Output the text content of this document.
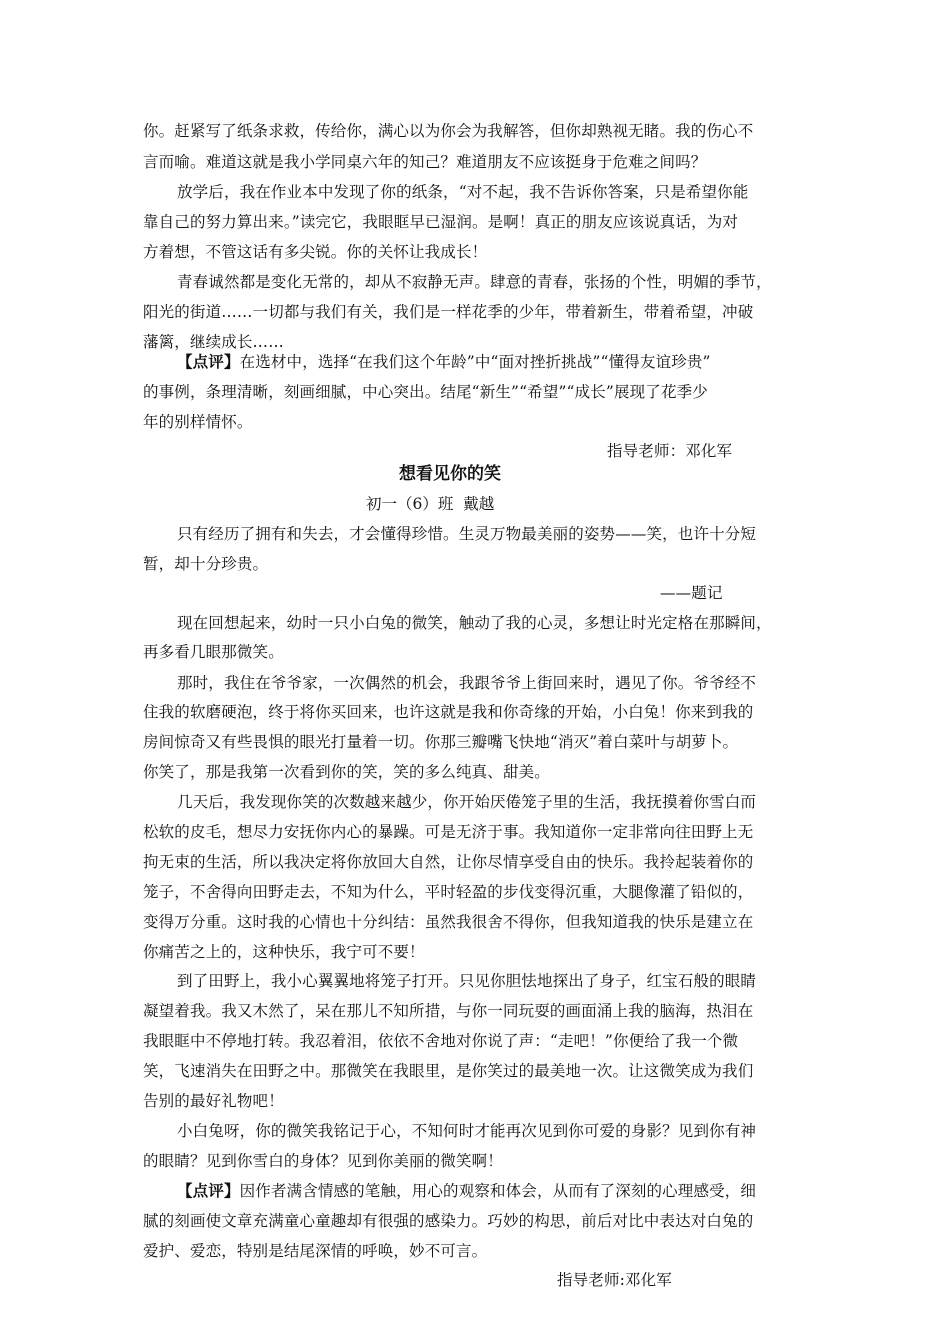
你。赶紧写了纸条求救，传给你，满心以为你会为我解答，但你却熟视无睹。我的伤心不
言而喻。难道这就是我小学同桌六年的知己？难道朋友不应该挺身于危难之间吗？
放学后，我在作业本中发现了你的纸条，“对不起，我不告诉你答案，只是希望你能
靠自己的努力算出来。”读完它，我眼眶早已湿润。是啊！真正的朋友应该说真话，为对
方着想，不管这话有多尖锐。你的关怀让我成长！
青春诚然都是变化无常的，却从不寂静无声。肆意的青春，张扬的个性，明媚的季节，
阳光的街道……一切都与我们有关，我们是一样花季的少年，带着新生，带着希望，冲破
藩篱，继续成长……
【点评】在选材中，选择“在我们这个年龄”中“面对挫折挑战”“懂得友谊珍贵”
的事例，条理清晰，刻画细腻，中心突出。结尾“新生”“希望”“成长”展现了花季少
年的别样情怀。
指导老师：邓化军
想看见你的笑
初一（6）班  戴越
只有经历了拥有和失去，才会懂得珍惜。生灵万物最美丽的姿势——笑，也许十分短
暂，却十分珍贵。
——题记
现在回想起来，幼时一只小白兔的微笑，触动了我的心灵，多想让时光定格在那瞬间，
再多看几眼那微笑。
那时，我住在爷爷家，一次偶然的机会，我跟爷爷上街回来时，遇见了你。爷爷经不
住我的软磨硬泡，终于将你买回来，也许这就是我和你奇缘的开始，小白兔！你来到我的
房间惊奇又有些畏惧的眼光打量着一切。你那三瓣嘴飞快地“消灭”着白菜叶与胡萝卜。
你笑了，那是我第一次看到你的笑，笑的多么纯真、甜美。
几天后，我发现你笑的次数越来越少，你开始厌倦笼子里的生活，我抚摸着你雪白而
松软的皮毛，想尽力安抚你内心的暴躁。可是无济于事。我知道你一定非常向往田野上无
拘无束的生活，所以我决定将你放回大自然，让你尽情享受自由的快乐。我拎起装着你的
笼子，不舍得向田野走去，不知为什么，平时轻盈的步伐变得沉重，大腿像灌了铅似的，
变得万分重。这时我的心情也十分纠结：虽然我很舍不得你，但我知道我的快乐是建立在
你痛苦之上的，这种快乐，我宁可不要！
到了田野上，我小心翼翼地将笼子打开。只见你胆怯地探出了身子，红宝石般的眼睛
凝望着我。我又木然了，呆在那儿不知所措，与你一同玩耍的画面涌上我的脑海，热泪在
我眼眶中不停地打转。我忍着泪，依依不舍地对你说了声：“走吧！”你便给了我一个微
笑，飞速消失在田野之中。那微笑在我眼里，是你笑过的最美地一次。让这微笑成为我们
告别的最好礼物吧！
小白兔呀，你的微笑我铭记于心，不知何时才能再次见到你可爱的身影？见到你有神
的眼睛？见到你雪白的身体？见到你美丽的微笑啊！
【点评】因作者满含情感的笔触，用心的观察和体会，从而有了深刻的心理感受，细
腻的刻画使文章充满童心童趣却有很强的感染力。巧妙的构思，前后对比中表达对白兔的
爱护、爱恋，特别是结尾深情的呼唤，妙不可言。
指导老师:邓化军
